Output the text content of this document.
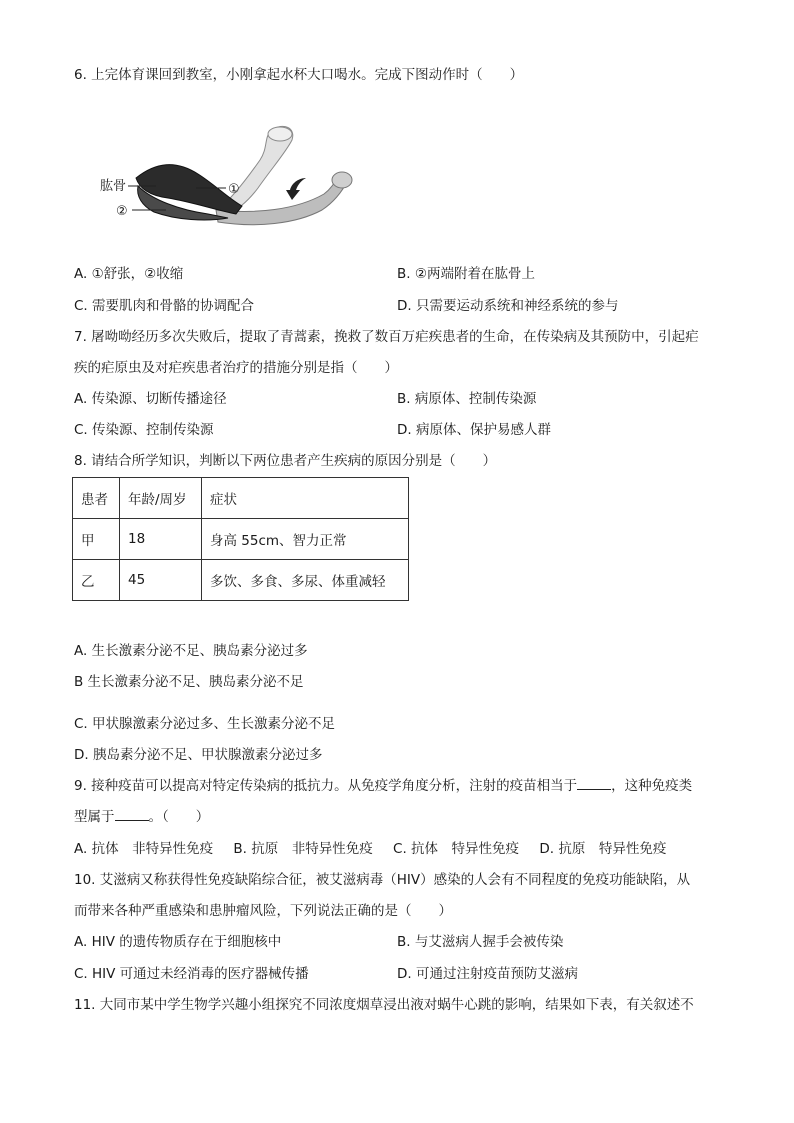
6. 上完体育课回到教室，小刚拿起水杯大口喝水。完成下图动作时（　　）
肱骨	①
②
A. ①舒张，②收缩	B. ②两端附着在肱骨上
C. 需要肌肉和骨骼的协调配合	D. 只需要运动系统和神经系统的参与
7. 屠呦呦经历多次失败后，提取了青蒿素，挽救了数百万疟疾患者的生命，在传染病及其预防中，引起疟
疾的疟原虫及对疟疾患者治疗的措施分别是指（　　）
A. 传染源、切断传播途径	B. 病原体、控制传染源
C. 传染源、控制传染源	D. 病原体、保护易感人群
8. 请结合所学知识，判断以下两位患者产生疾病的原因分别是（　　）
患者	年龄/周岁	症状
甲	18	身高 55cm、智力正常
乙	45	多饮、多食、多尿、体重减轻
A. 生长激素分泌不足、胰岛素分泌过多
B 生长激素分泌不足、胰岛素分泌不足
C. 甲状腺激素分泌过多、生长激素分泌不足
D. 胰岛素分泌不足、甲状腺激素分泌过多
9. 接种疫苗可以提高对特定传染病的抵抗力。从免疫学角度分析，注射的疫苗相当于	，这种免疫类
型属于	。（　　）
A. 抗体　非特异性免疫 B. 抗原　非特异性免疫 C. 抗体　特异性免疫 D. 抗原　特异性免疫
10. 艾滋病又称获得性免疫缺陷综合征，被艾滋病毒（HIV）感染的人会有不同程度的免疫功能缺陷，从
而带来各种严重感染和患肿瘤风险，下列说法正确的是（　　）
A. HIV 的遗传物质存在于细胞核中	B. 与艾滋病人握手会被传染
C. HIV 可通过未经消毒的医疗器械传播	D. 可通过注射疫苗预防艾滋病
11. 大同市某中学生物学兴趣小组探究不同浓度烟草浸出液对蜗牛心跳的影响，结果如下表，有关叙述不
